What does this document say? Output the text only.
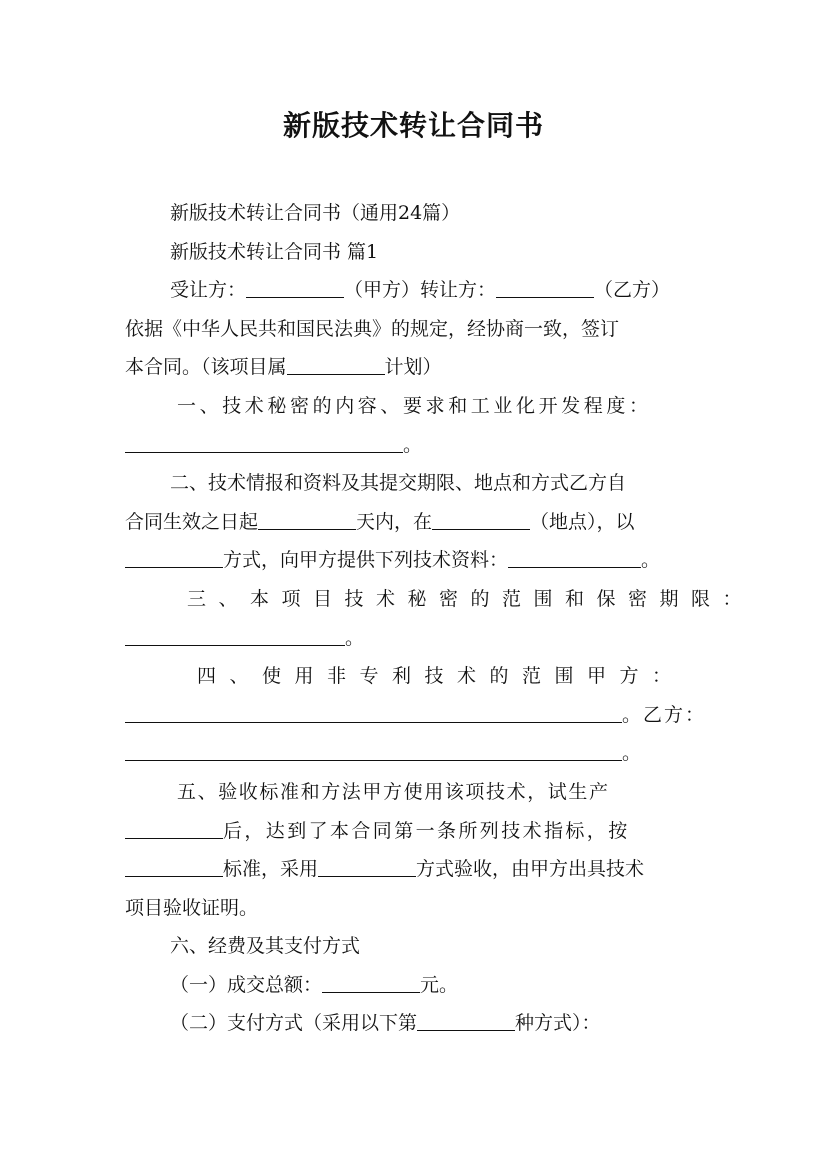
新版技术转让合同书
新版技术转让合同书（通用24篇）
新版技术转让合同书 篇1
受让方：	（甲方）转让方：	（乙方）
依据《中华人民共和国民法典》的规定，经协商一致，签订
本合同。（该项目属	计划）
一、技术秘密的内容、要求和工业化开发程度：
。
二、技术情报和资料及其提交期限、地点和方式乙方自
合同生效之日起	天内，在	（地点），以
方式，向甲方提供下列技术资料：	。
三、本项目技术秘密的范围和保密期限：
。
四、使用非专利技术的范围甲方：
。乙方：
。
五、验收标准和方法甲方使用该项技术，试生产
后，达到了本合同第一条所列技术指标，按
标准，采用	方式验收，由甲方出具技术
项目验收证明。
六、经费及其支付方式
（一）成交总额：	元。
（二）支付方式（采用以下第	种方式）：
